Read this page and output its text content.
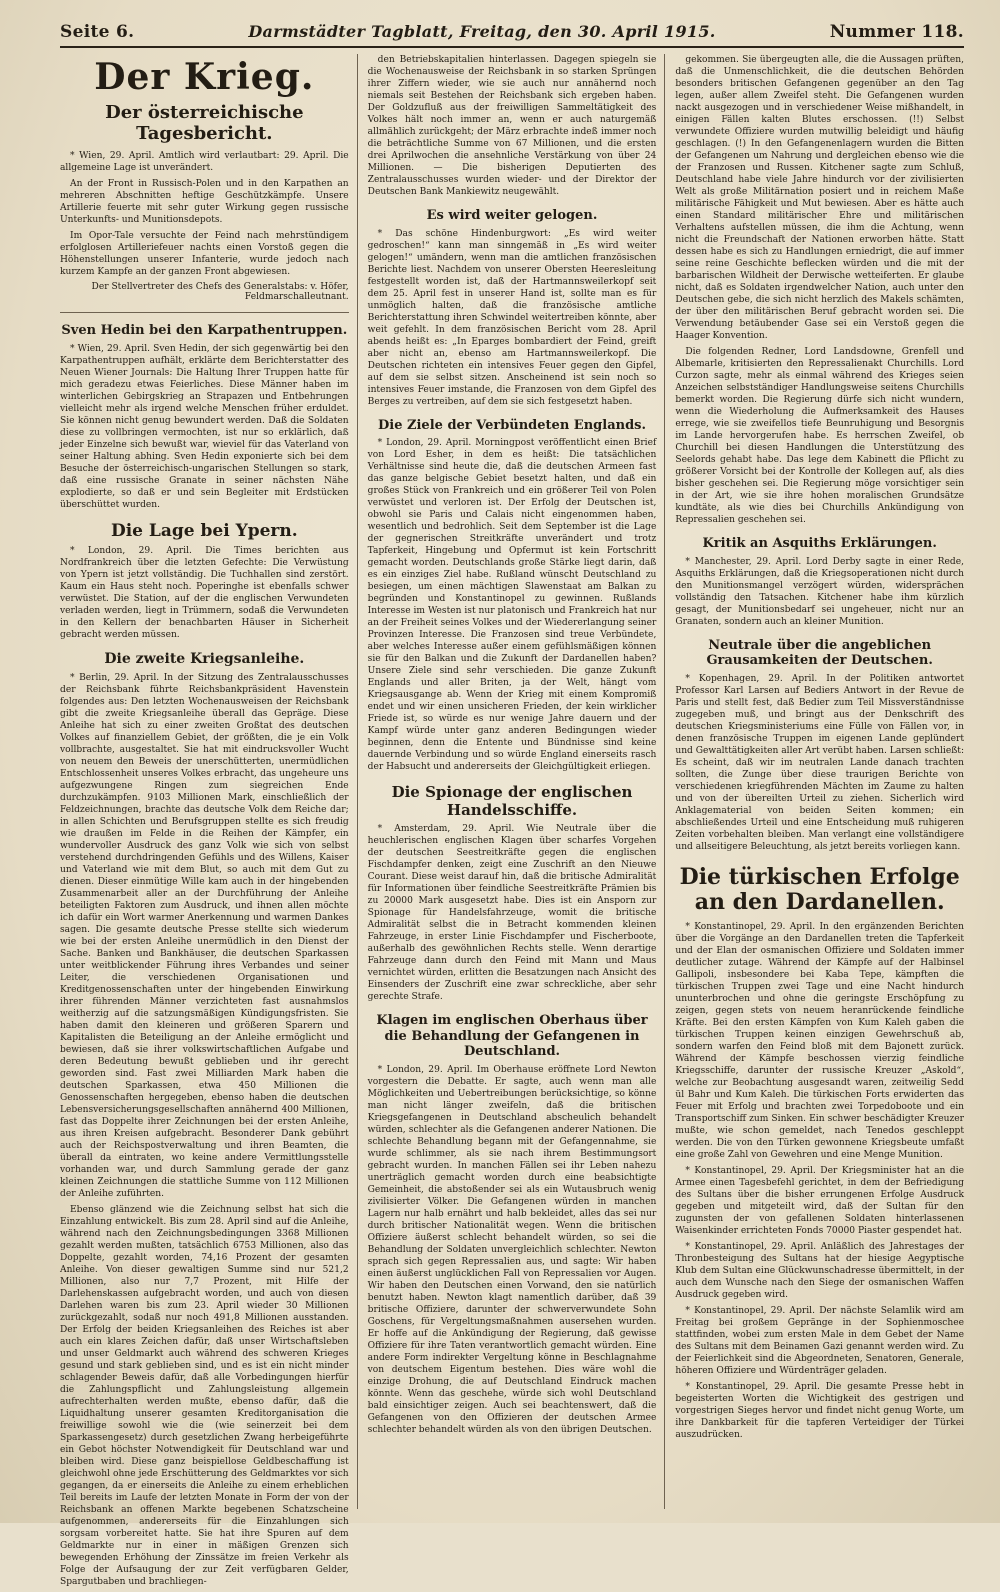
Seite 6.	Darmstädter Tagblatt, Freitag, den 30. April 1915.	Nummer 118.
Der Krieg.
Der österreichische Tagesbericht.

* Wien, 29. April. Amtlich wird verlautbart: 29. April. Die allgemeine Lage ist unverändert.

An der Front in Russisch-Polen und in den Karpathen an mehreren Abschnitten heftige Geschützkämpfe. Unsere Artillerie feuerte mit sehr guter Wirkung gegen russische Unterkunfts- und Munitionsdepots.

Im Opor-Tale versuchte der Feind nach mehrstündigem erfolglosen Artilleriefeuer nachts einen Vorstoß gegen die Höhenstellungen unserer Infanterie, wurde jedoch nach kurzem Kampfe an der ganzen Front abgewiesen.

Der Stellvertreter des Chefs des Generalstabs: v. Höfer, Feldmarschalleutnant.
Sven Hedin bei den Karpathentruppen.

* Wien, 29. April. Sven Hedin, der sich gegenwärtig bei den Karpathentruppen aufhält, erklärte dem Berichterstatter des Neuen Wiener Journals: Die Haltung Ihrer Truppen hatte für mich geradezu etwas Feierliches. Diese Männer haben im winterlichen Gebirgskrieg an Strapazen und Entbehrungen vielleicht mehr als irgend welche Menschen früher erduldet. Sie können nicht genug bewundert werden. Daß die Soldaten diese zu vollbringen vermochten, ist nur so erklärlich, daß jeder Einzelne sich bewußt war, wieviel für das Vaterland von seiner Haltung abhing. Sven Hedin exponierte sich bei dem Besuche der österreichisch-ungarischen Stellungen so stark, daß eine russische Granate in seiner nächsten Nähe explodierte, so daß er und sein Begleiter mit Erdstücken überschüttet wurden.

Die Lage bei Ypern.

* London, 29. April. Die Times berichten aus Nordfrankreich über die letzten Gefechte: Die Verwüstung von Ypern ist jetzt vollständig. Die Tuchhallen sind zerstört. Kaum ein Haus steht noch. Poperinghe ist ebenfalls schwer verwüstet. Die Station, auf der die englischen Verwundeten verladen werden, liegt in Trümmern, sodaß die Verwundeten in den Kellern der benachbarten Häuser in Sicherheit gebracht werden müssen.

Die zweite Kriegsanleihe.

* Berlin, 29. April. In der Sitzung des Zentralausschusses der Reichsbank führte Reichsbankpräsident Havenstein folgendes aus: Den letzten Wochenausweisen der Reichsbank gibt die zweite Kriegsanleihe überall das Gepräge. Diese Anleihe hat sich zu einer zweiten Großtat des deutschen Volkes auf finanziellem Gebiet, der größten, die je ein Volk vollbrachte, ausgestaltet. Sie hat mit eindrucksvoller Wucht von neuem den Beweis der unerschütterten, unermüdlichen Entschlossenheit unseres Volkes erbracht, das ungeheure uns aufgezwungene Ringen zum siegreichen Ende durchzukämpfen. 9103 Millionen Mark, einschließlich der Feldzeichnungen, brachte das deutsche Volk dem Reiche dar; in allen Schichten und Berufsgruppen stellte es sich freudig wie draußen im Felde in die Reihen der Kämpfer, ein wundervoller Ausdruck des ganz Volk wie sich von selbst verstehend durchdringenden Gefühls und des Willens, Kaiser und Vaterland wie mit dem Blut, so auch mit dem Gut zu dienen. Dieser einmütige Wille kam auch in der hingebenden Zusammenarbeit aller an der Durchführung der Anleihe beteiligten Faktoren zum Ausdruck, und ihnen allen möchte ich dafür ein Wort warmer Anerkennung und warmen Dankes sagen. Die gesamte deutsche Presse stellte sich wiederum wie bei der ersten Anleihe unermüdlich in den Dienst der Sache. Banken und Bankhäuser, die deutschen Sparkassen unter weitblickender Führung ihres Verbandes und seiner Leiter, die verschiedenen Organisationen und Kreditgenossenschaften unter der hingebenden Einwirkung ihrer führenden Männer verzichteten fast ausnahmslos weitherzig auf die satzungsmäßigen Kündigungsfristen. Sie haben damit den kleineren und größeren Sparern und Kapitalisten die Beteiligung an der Anleihe ermöglicht und bewiesen, daß sie ihrer volkswirtschaftlichen Aufgabe und deren Bedeutung bewußt geblieben und ihr gerecht geworden sind. Fast zwei Milliarden Mark haben die deutschen Sparkassen, etwa 450 Millionen die Genossenschaften hergegeben, ebenso haben die deutschen Lebensversicherungsgesellschaften annähernd 400 Millionen, fast das Doppelte ihrer Zeichnungen bei der ersten Anleihe, aus ihren Kreisen aufgebracht. Besonderer Dank gebührt auch der Reichspostverwaltung und ihren Beamten, die überall da eintraten, wo keine andere Vermittlungsstelle vorhanden war, und durch Sammlung gerade der ganz kleinen Zeichnungen die stattliche Summe von 112 Millionen der Anleihe zuführten.

Ebenso glänzend wie die Zeichnung selbst hat sich die Einzahlung entwickelt. Bis zum 28. April sind auf die Anleihe, während nach den Zeichnungsbedingungen 3368 Millionen gezahlt werden mußten, tatsächlich 6753 Millionen, also das Doppelte, gezahlt worden, 74,16 Prozent der gesamten Anleihe. Von dieser gewaltigen Summe sind nur 521,2 Millionen, also nur 7,7 Prozent, mit Hilfe der Darlehenskassen aufgebracht worden, und auch von diesen Darlehen waren bis zum 23. April wieder 30 Millionen zurückgezahlt, sodaß nur noch 491,8 Millionen ausstanden. Der Erfolg der beiden Kriegsanleihen des Reiches ist aber auch ein klares Zeichen dafür, daß unser Wirtschaftsleben und unser Geldmarkt auch während des schweren Krieges gesund und stark geblieben sind, und es ist ein nicht minder schlagender Beweis dafür, daß alle Vorbedingungen hierfür die Zahlungspflicht und Zahlungsleistung allgemein aufrechterhalten werden mußte, ebenso dafür, daß die Liquidhaltung unserer gesamten Kreditorganisation die freiwillige sowohl wie die (wie seinerzeit bei dem Sparkassengesetz) durch gesetzlichen Zwang herbeigeführte ein Gebot höchster Notwendigkeit für Deutschland war und bleiben wird. Diese ganz beispiellose Geldbeschaffung ist gleichwohl ohne jede Erschütterung des Geldmarktes vor sich gegangen, da er einerseits die Anleihe zu einem erheblichen Teil bereits im Laufe der letzten Monate in Form der von der Reichsbank an offenen Markte begebenen Schatzscheine aufgenommen, andererseits für die Einzahlungen sich sorgsam vorbereitet hatte. Sie hat ihre Spuren auf dem Geldmarkte nur in einer in mäßigen Grenzen sich bewegenden Erhöhung der Zinssätze im freien Verkehr als Folge der Aufsaugung der zur Zeit verfügbaren Gelder, Spargutbaben und brachliegen-

den Betriebskapitalien hinterlassen. Dagegen spiegeln sie die Wochenausweise der Reichsbank in so starken Sprüngen ihrer Ziffern wieder, wie sie auch nur annähernd noch niemals seit Bestehen der Reichsbank sich ergeben haben. Der Goldzufluß aus der freiwilligen Sammeltätigkeit des Volkes hält noch immer an, wenn er auch naturgemäß allmählich zurückgeht; der März erbrachte indeß immer noch die beträchtliche Summe von 67 Millionen, und die ersten drei Aprilwochen die ansehnliche Verstärkung von über 24 Millionen. — Die bisherigen Deputierten des Zentralausschusses wurden wieder- und der Direktor der Deutschen Bank Mankiewitz neugewählt.

Es wird weiter gelogen.

* Das schöne Hindenburgwort: „Es wird weiter gedroschen!“ kann man sinngemäß in „Es wird weiter gelogen!“ umändern, wenn man die amtlichen französischen Berichte liest. Nachdem von unserer Obersten Heeresleitung festgestellt worden ist, daß der Hartmannsweilerkopf seit dem 25. April fest in unserer Hand ist, sollte man es für unmöglich halten, daß die französische amtliche Berichterstattung ihren Schwindel weitertreiben könnte, aber weit gefehlt. In dem französischen Bericht vom 28. April abends heißt es: „In Eparges bombardiert der Feind, greift aber nicht an, ebenso am Hartmannsweilerkopf. Die Deutschen richteten ein intensives Feuer gegen den Gipfel, auf dem sie selbst sitzen. Anscheinend ist sein noch so intensives Feuer imstande, die Franzosen von dem Gipfel des Berges zu vertreiben, auf dem sie sich festgesetzt haben.

Die Ziele der Verbündeten Englands.

* London, 29. April. Morningpost veröffentlicht einen Brief von Lord Esher, in dem es heißt: Die tatsächlichen Verhältnisse sind heute die, daß die deutschen Armeen fast das ganze belgische Gebiet besetzt halten, und daß ein großes Stück von Frankreich und ein größerer Teil von Polen verwüstet und verloren ist. Der Erfolg der Deutschen ist, obwohl sie Paris und Calais nicht eingenommen haben, wesentlich und bedrohlich. Seit dem September ist die Lage der gegnerischen Streitkräfte unverändert und trotz Tapferkeit, Hingebung und Opfermut ist kein Fortschritt gemacht worden. Deutschlands große Stärke liegt darin, daß es ein einziges Ziel habe. Rußland wünscht Deutschland zu besiegen, um einen mächtigen Slawenstaat am Balkan zu begründen und Konstantinopel zu gewinnen. Rußlands Interesse im Westen ist nur platonisch und Frankreich hat nur an der Freiheit seines Volkes und der Wiedererlangung seiner Provinzen Interesse. Die Franzosen sind treue Verbündete, aber welches Interesse außer einem gefühlsmäßigen können sie für den Balkan und die Zukunft der Dardanellen haben? Unsere Ziele sind sehr verschieden. Die ganze Zukunft Englands und aller Briten, ja der Welt, hängt vom Kriegsausgange ab. Wenn der Krieg mit einem Kompromiß endet und wir einen unsicheren Frieden, der kein wirklicher Friede ist, so würde es nur wenige Jahre dauern und der Kampf würde unter ganz anderen Bedingungen wieder beginnen, denn die Entente und Bündnisse sind keine dauernde Verbindung und so würde England einerseits rasch der Habsucht und andererseits der Gleichgültigkeit erliegen.

Die Spionage der englischen Handelsschiffe.

* Amsterdam, 29. April. Wie Neutrale über die heuchlerischen englischen Klagen über scharfes Vorgehen der deutschen Seestreitkräfte gegen die englischen Fischdampfer denken, zeigt eine Zuschrift an den Nieuwe Courant. Diese weist darauf hin, daß die britische Admiralität für Informationen über feindliche Seestreitkräfte Prämien bis zu 20000 Mark ausgesetzt habe. Dies ist ein Ansporn zur Spionage für Handelsfahrzeuge, womit die britische Admiralität selbst die in Betracht kommenden kleinen Fahrzeuge, in erster Linie Fischdampfer und Fischerboote, außerhalb des gewöhnlichen Rechts stelle. Wenn derartige Fahrzeuge dann durch den Feind mit Mann und Maus vernichtet würden, erlitten die Besatzungen nach Ansicht des Einsenders der Zuschrift eine zwar schreckliche, aber sehr gerechte Strafe.

Klagen im englischen Oberhaus über die Behandlung der Gefangenen in Deutschland.

* London, 29. April. Im Oberhause eröffnete Lord Newton vorgestern die Debatte. Er sagte, auch wenn man alle Möglichkeiten und Uebertreibungen berücksichtige, so könne man nicht länger zweifeln, daß die britischen Kriegsgefangenen in Deutschland abscheulich behandelt würden, schlechter als die Gefangenen anderer Nationen. Die schlechte Behandlung begann mit der Gefangennahme, sie wurde schlimmer, als sie nach ihrem Bestimmungsort gebracht wurden. In manchen Fällen sei ihr Leben nahezu unerträglich gemacht worden durch eine beabsichtigte Gemeinheit, die abstoßender sei als ein Wutausbruch wenig zivilisierter Völker. Die Gefangenen würden in manchen Lagern nur halb ernährt und halb bekleidet, alles das sei nur durch britischer Nationalität wegen. Wenn die britischen Offiziere äußerst schlecht behandelt würden, so sei die Behandlung der Soldaten unvergleichlich schlechter. Newton sprach sich gegen Repressalien aus, und sagte: Wir haben einen äußerst unglücklichen Fall von Repressalien vor Augen. Wir haben den Deutschen einen Vorwand, den sie natürlich benutzt haben. Newton klagt namentlich darüber, daß 39 britische Offiziere, darunter der schwerverwundete Sohn Goschens, für Vergeltungsmaßnahmen ausersehen wurden. Er hoffe auf die Ankündigung der Regierung, daß gewisse Offiziere für ihre Taten verantwortlich gemacht würden. Eine andere Form indirekter Vergeltung könne in Beschlagnahme von deutschem Eigentum bestehen. Dies wäre wohl die einzige Drohung, die auf Deutschland Eindruck machen könnte. Wenn das geschehe, würde sich wohl Deutschland bald einsichtiger zeigen. Auch sei beachtenswert, daß die Gefangenen von den Offizieren der deutschen Armee schlechter behandelt würden als von den übrigen Deutschen.

gekommen. Sie übergeugten alle, die die Aussagen prüften, daß die Unmenschlichkeit, die die deutschen Behörden besonders britischen Gefangenen gegenüber an den Tag legen, außer allem Zweifel steht. Die Gefangenen wurden nackt ausgezogen und in verschiedener Weise mißhandelt, in einigen Fällen kalten Blutes erschossen. (!!) Selbst verwundete Offiziere wurden mutwillig beleidigt und häufig geschlagen. (!) In den Gefangenenlagern wurden die Bitten der Gefangenen um Nahrung und dergleichen ebenso wie die der Franzosen und Russen. Kitchener sagte zum Schluß, Deutschland habe viele Jahre hindurch vor der zivilisierten Welt als große Militärnation posiert und in reichem Maße militärische Fähigkeit und Mut bewiesen. Aber es hätte auch einen Standard militärischer Ehre und militärischen Verhaltens aufstellen müssen, die ihm die Achtung, wenn nicht die Freundschaft der Nationen erworben hätte. Statt dessen habe es sich zu Handlungen erniedrigt, die auf immer seine reine Geschichte beflecken würden und die mit der barbarischen Wildheit der Derwische wetteiferten. Er glaube nicht, daß es Soldaten irgendwelcher Nation, auch unter den Deutschen gebe, die sich nicht herzlich des Makels schämten, der über den militärischen Beruf gebracht worden sei. Die Verwendung betäubender Gase sei ein Verstoß gegen die Haager Konvention.

Die folgenden Redner, Lord Landsdowne, Grenfell und Albemarle, kritisierten den Repressalienakt Churchills. Lord Curzon sagte, mehr als einmal während des Krieges seien Anzeichen selbstständiger Handlungsweise seitens Churchills bemerkt worden. Die Regierung dürfe sich nicht wundern, wenn die Wiederholung die Aufmerksamkeit des Hauses errege, wie sie zweifellos tiefe Beunruhigung und Besorgnis im Lande hervorgerufen habe. Es herrschen Zweifel, ob Churchill bei diesen Handlungen die Unterstützung des Seelords gehabt habe. Das lege dem Kabinett die Pflicht zu größerer Vorsicht bei der Kontrolle der Kollegen auf, als dies bisher geschehen sei. Die Regierung möge vorsichtiger sein in der Art, wie sie ihre hohen moralischen Grundsätze kundtäte, als wie dies bei Churchills Ankündigung von Repressalien geschehen sei.

Kritik an Asquiths Erklärungen.

* Manchester, 29. April. Lord Derby sagte in einer Rede, Asquiths Erklärungen, daß die Kriegsoperationen nicht durch den Munitionsmangel verzögert würden, widersprächen vollständig den Tatsachen. Kitchener habe ihm kürzlich gesagt, der Munitionsbedarf sei ungeheuer, nicht nur an Granaten, sondern auch an kleiner Munition.

Neutrale über die angeblichen Grausamkeiten der Deutschen.

* Kopenhagen, 29. April. In der Politiken antwortet Professor Karl Larsen auf Bediers Antwort in der Revue de Paris und stellt fest, daß Bedier zum Teil Missverständnisse zugegeben muß, und bringt aus der Denkschrift des deutschen Kriegsministeriums eine Fülle von Fällen vor, in denen französische Truppen im eigenen Lande geplündert und Gewalttätigkeiten aller Art verübt haben. Larsen schließt: Es scheint, daß wir im neutralen Lande danach trachten sollten, die Zunge über diese traurigen Berichte von verschiedenen kriegführenden Mächten im Zaume zu halten und von der übereilten Urteil zu ziehen. Sicherlich wird Anklagematerial von beiden Seiten kommen; ein abschließendes Urteil und eine Entscheidung muß ruhigeren Zeiten vorbehalten bleiben. Man verlangt eine vollständigere und allseitigere Beleuchtung, als jetzt bereits vorliegen kann.

Die türkischen Erfolge an den Dardanellen.

* Konstantinopel, 29. April. In den ergänzenden Berichten über die Vorgänge an den Dardanellen treten die Tapferkeit und der Elan der osmanischen Offiziere und Soldaten immer deutlicher zutage. Während der Kämpfe auf der Halbinsel Gallipoli, insbesondere bei Kaba Tepe, kämpften die türkischen Truppen zwei Tage und eine Nacht hindurch ununterbrochen und ohne die geringste Erschöpfung zu zeigen, gegen stets von neuem heranrückende feindliche Kräfte. Bei den ersten Kämpfen von Kum Kaleh gaben die türkischen Truppen keinen einzigen Gewehrschuß ab, sondern warfen den Feind bloß mit dem Bajonett zurück. Während der Kämpfe beschossen vierzig feindliche Kriegsschiffe, darunter der russische Kreuzer „Askold“, welche zur Beobachtung ausgesandt waren, zeitweilig Sedd ül Bahr und Kum Kaleh. Die türkischen Forts erwiderten das Feuer mit Erfolg und brachten zwei Torpedoboote und ein Transportschiff zum Sinken. Ein schwer beschädigter Kreuzer mußte, wie schon gemeldet, nach Tenedos geschleppt werden. Die von den Türken gewonnene Kriegsbeute umfaßt eine große Zahl von Gewehren und eine Menge Munition.

* Konstantinopel, 29. April. Der Kriegsminister hat an die Armee einen Tagesbefehl gerichtet, in dem der Befriedigung des Sultans über die bisher errungenen Erfolge Ausdruck gegeben und mitgeteilt wird, daß der Sultan für den zugunsten der von gefallenen Soldaten hinterlassenen Waisenkinder errichteten Fonds 70000 Piaster gespendet hat.

* Konstantinopel, 29. April. Anläßlich des Jahrestages der Thronbesteigung des Sultans hat der hiesige Aegyptische Klub dem Sultan eine Glückwunschadresse übermittelt, in der auch dem Wunsche nach den Siege der osmanischen Waffen Ausdruck gegeben wird.

* Konstantinopel, 29. April. Der nächste Selamlik wird am Freitag bei großem Gepränge in der Sophienmoschee stattfinden, wobei zum ersten Male in dem Gebet der Name des Sultans mit dem Beinamen Gazi genannt werden wird. Zu der Feierlichkeit sind die Abgeordneten, Senatoren, Generale, höheren Offiziere und Würdenträger geladen.

* Konstantinopel, 29. April. Die gesamte Presse hebt in begeisterten Worten die Wichtigkeit des gestrigen und vorgestrigen Sieges hervor und findet nicht genug Worte, um ihre Dankbarkeit für die tapferen Verteidiger der Türkei auszudrücken.
